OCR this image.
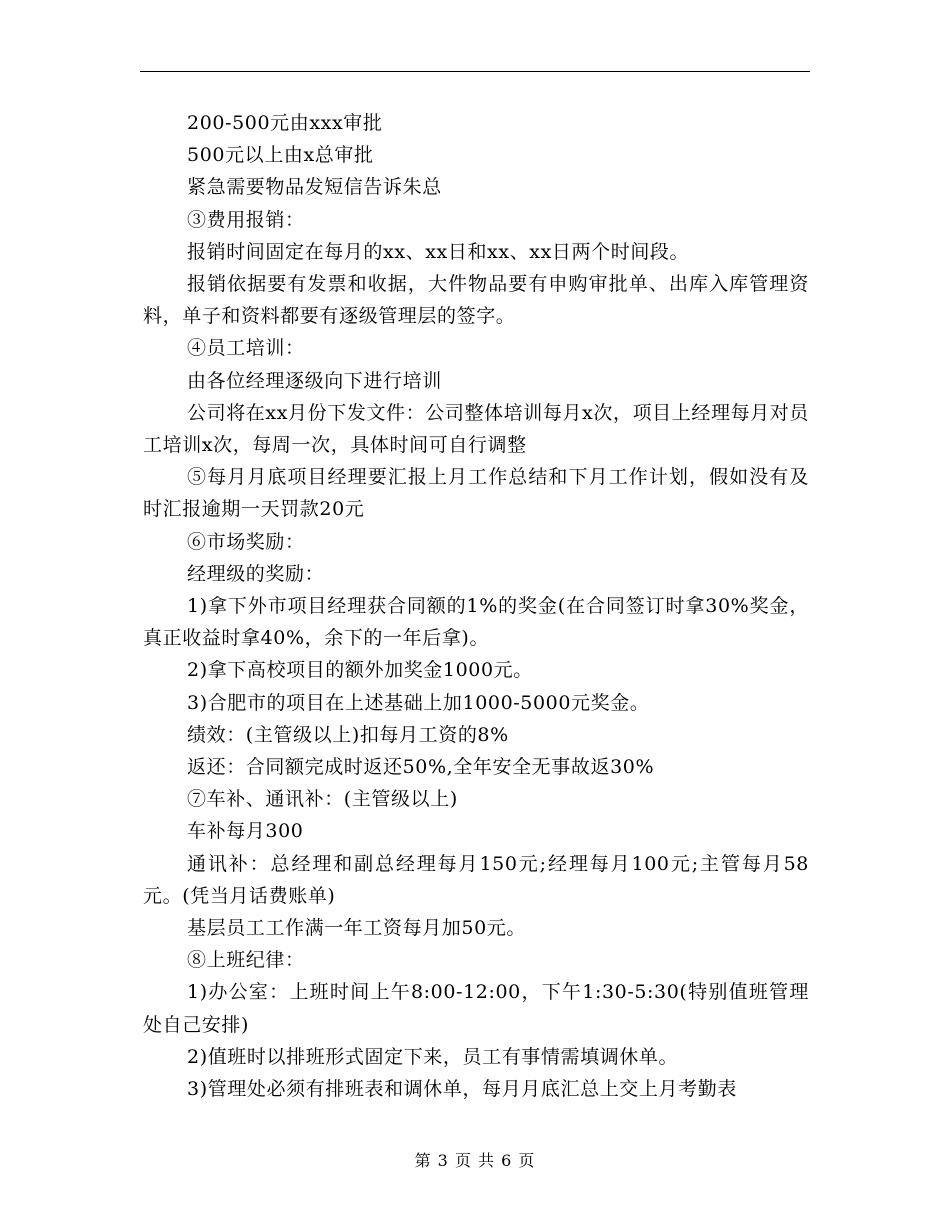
200-500元由xxx审批

500元以上由x总审批

紧急需要物品发短信告诉朱总

③费用报销：

报销时间固定在每月的xx、xx日和xx、xx日两个时间段。

报销依据要有发票和收据，大件物品要有申购审批单、出库入库管理资料，单子和资料都要有逐级管理层的签字。

④员工培训：

由各位经理逐级向下进行培训

公司将在xx月份下发文件：公司整体培训每月x次，项目上经理每月对员工培训x次，每周一次，具体时间可自行调整

⑤每月月底项目经理要汇报上月工作总结和下月工作计划，假如没有及时汇报逾期一天罚款20元

⑥市场奖励：

经理级的奖励：

1)拿下外市项目经理获合同额的1%的奖金(在合同签订时拿30%奖金，真正收益时拿40%，余下的一年后拿)。

2)拿下高校项目的额外加奖金1000元。

3)合肥市的项目在上述基础上加1000-5000元奖金。

绩效：(主管级以上)扣每月工资的8%

返还：合同额完成时返还50%,全年安全无事故返30%

⑦车补、通讯补：(主管级以上)

车补每月300

通讯补：总经理和副总经理每月150元;经理每月100元;主管每月58元。(凭当月话费账单)

基层员工工作满一年工资每月加50元。

⑧上班纪律：

1)办公室：上班时间上午8:00-12:00，下午1:30-5:30(特别值班管理处自己安排)

2)值班时以排班形式固定下来，员工有事情需填调休单。

3)管理处必须有排班表和调休单，每月月底汇总上交上月考勤表

第 3 页 共 6 页
